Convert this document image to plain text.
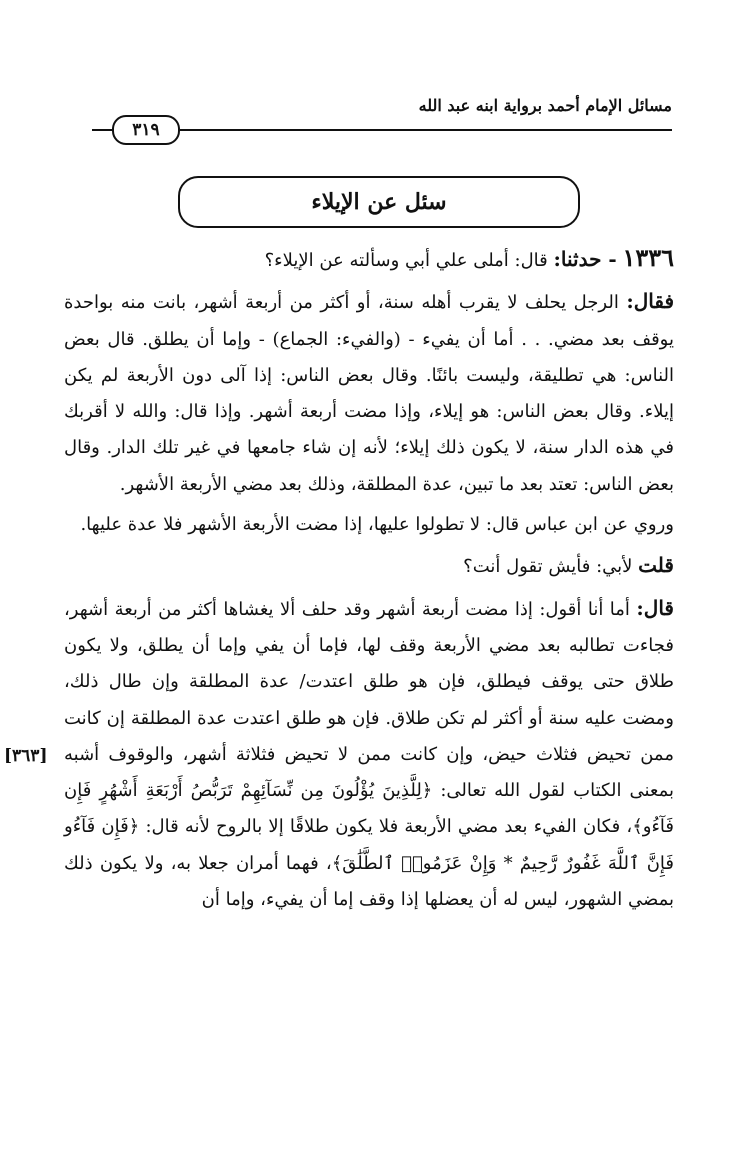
مسائل الإمام أحمد برواية ابنه عبد الله
٣١٩
سئل عن الإيلاء

١٣٣٦ - حدثنا: قال: أملى علي أبي وسألته عن الإيلاء؟

فقال: الرجل يحلف لا يقرب أهله سنة، أو أكثر من أربعة أشهر، بانت منه بواحدة يوقف بعد مضي. . . أما أن يفيء - (والفيء: الجماع) - وإما أن يطلق. قال بعض الناس: هي تطليقة، وليست بائنًا. وقال بعض الناس: إذا آلى دون الأربعة لم يكن إيلاء. وقال بعض الناس: هو إيلاء، وإذا مضت أربعة أشهر. وإذا قال: والله لا أقربك في هذه الدار سنة، لا يكون ذلك إيلاء؛ لأنه إن شاء جامعها في غير تلك الدار. وقال بعض الناس: تعتد بعد ما تبين، عدة المطلقة، وذلك بعد مضي الأربعة الأشهر.

وروي عن ابن عباس قال: لا تطولوا عليها، إذا مضت الأربعة الأشهر فلا عدة عليها.

قلت لأبي: فأيش تقول أنت؟

قال: أما أنا أقول: إذا مضت أربعة أشهر وقد حلف ألا يغشاها أكثر من أربعة أشهر، فجاءت تطالبه بعد مضي الأربعة وقف لها، فإما أن يفي وإما أن يطلق، ولا يكون طلاق حتى يوقف فيطلق، فإن هو طلق اعتدت/ عدة المطلقة وإن طال ذلك، ومضت عليه سنة أو أكثر لم تكن طلاق. فإن هو طلق اعتدت عدة المطلقة إن كانت ممن تحيض فثلاث حيض، وإن كانت ممن لا تحيض فثلاثة أشهر، والوقوف أشبه بمعنى الكتاب لقول الله تعالى: ﴿لِلَّذِينَ يُؤْلُونَ مِن نِّسَآئِهِمْ تَرَبُّصُ أَرْبَعَةِ أَشْهُرٍ فَإِن فَآءُو﴾، فكان الفيء بعد مضي الأربعة فلا يكون طلاقًا إلا بالروح لأنه قال: ﴿فَإِن فَآءُو فَإِنَّ ٱللَّهَ غَفُورٌ رَّحِيمٌ * وَإِنْ عَزَمُوا۟ ٱلطَّلَٰقَ﴾، فهما أمران جعلا به، ولا يكون ذلك بمضي الشهور، ليس له أن يعضلها إذا وقف إما أن يفيء، وإما أن

[٣٦٣]
